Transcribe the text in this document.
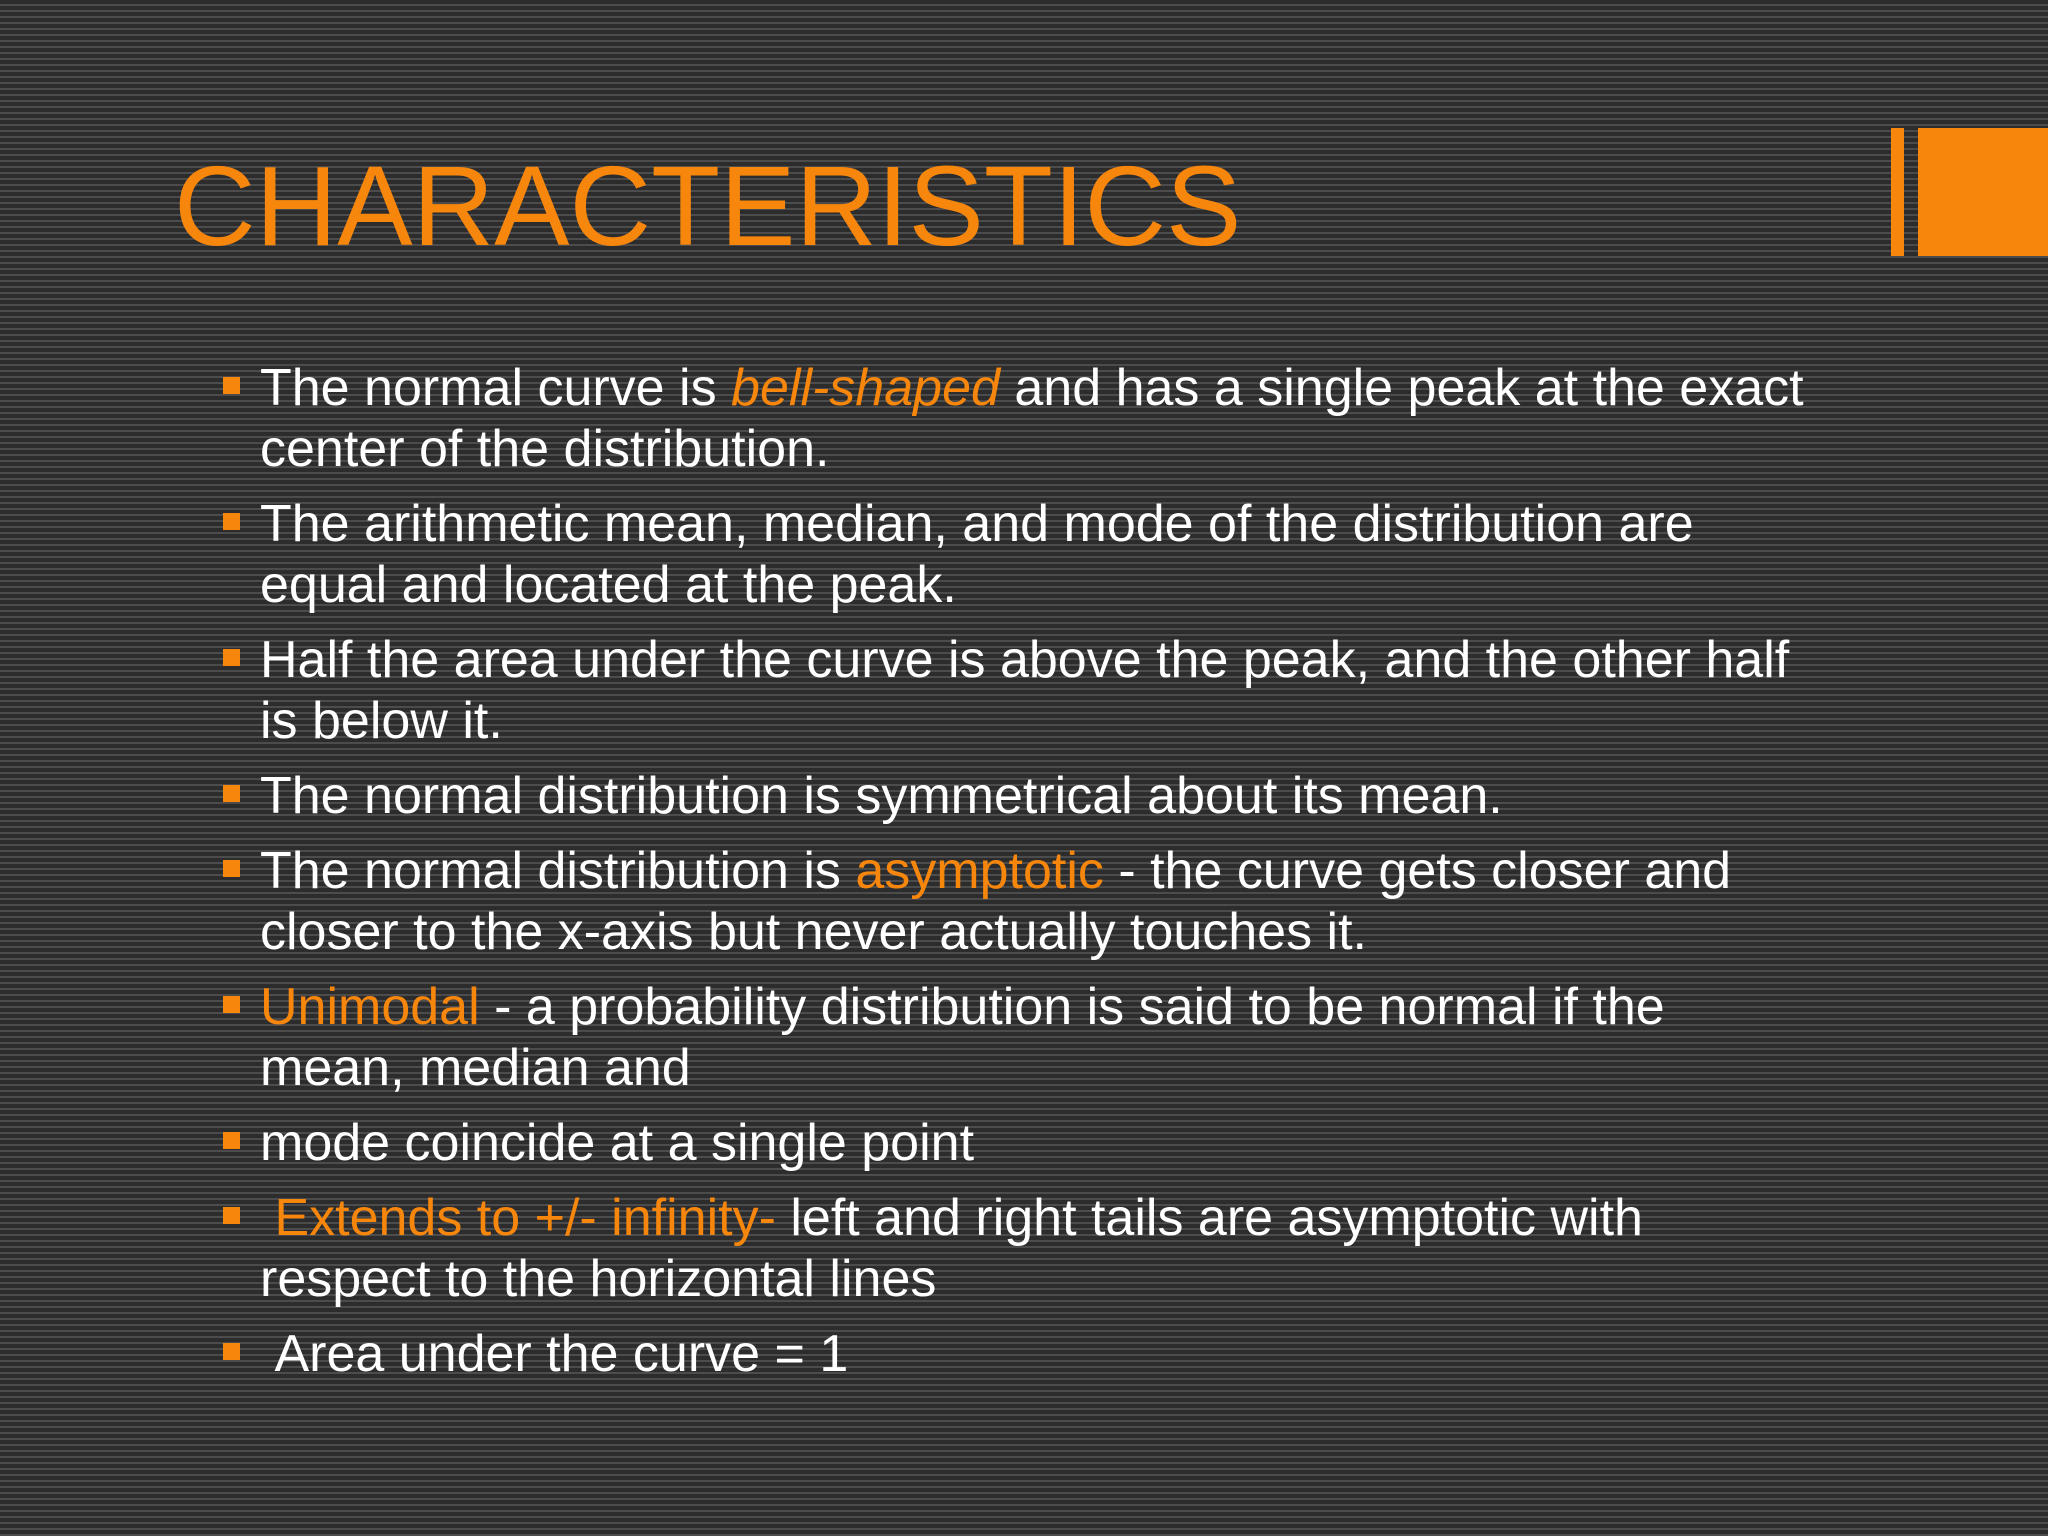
CHARACTERISTICS
The normal curve is bell-shaped and has a single peak at the exact center of the distribution.
The arithmetic mean, median, and mode of the distribution are equal and located at the peak.
Half the area under the curve is above the peak, and the other half is below it.
The normal distribution is symmetrical about its mean.
The normal distribution is asymptotic - the curve gets closer and closer to the x-axis but never actually touches it.
Unimodal - a probability distribution is said to be normal if the mean, median and
mode coincide at a single point
Extends to +/- infinity- left and right tails are asymptotic with respect to the horizontal lines
Area under the curve = 1
